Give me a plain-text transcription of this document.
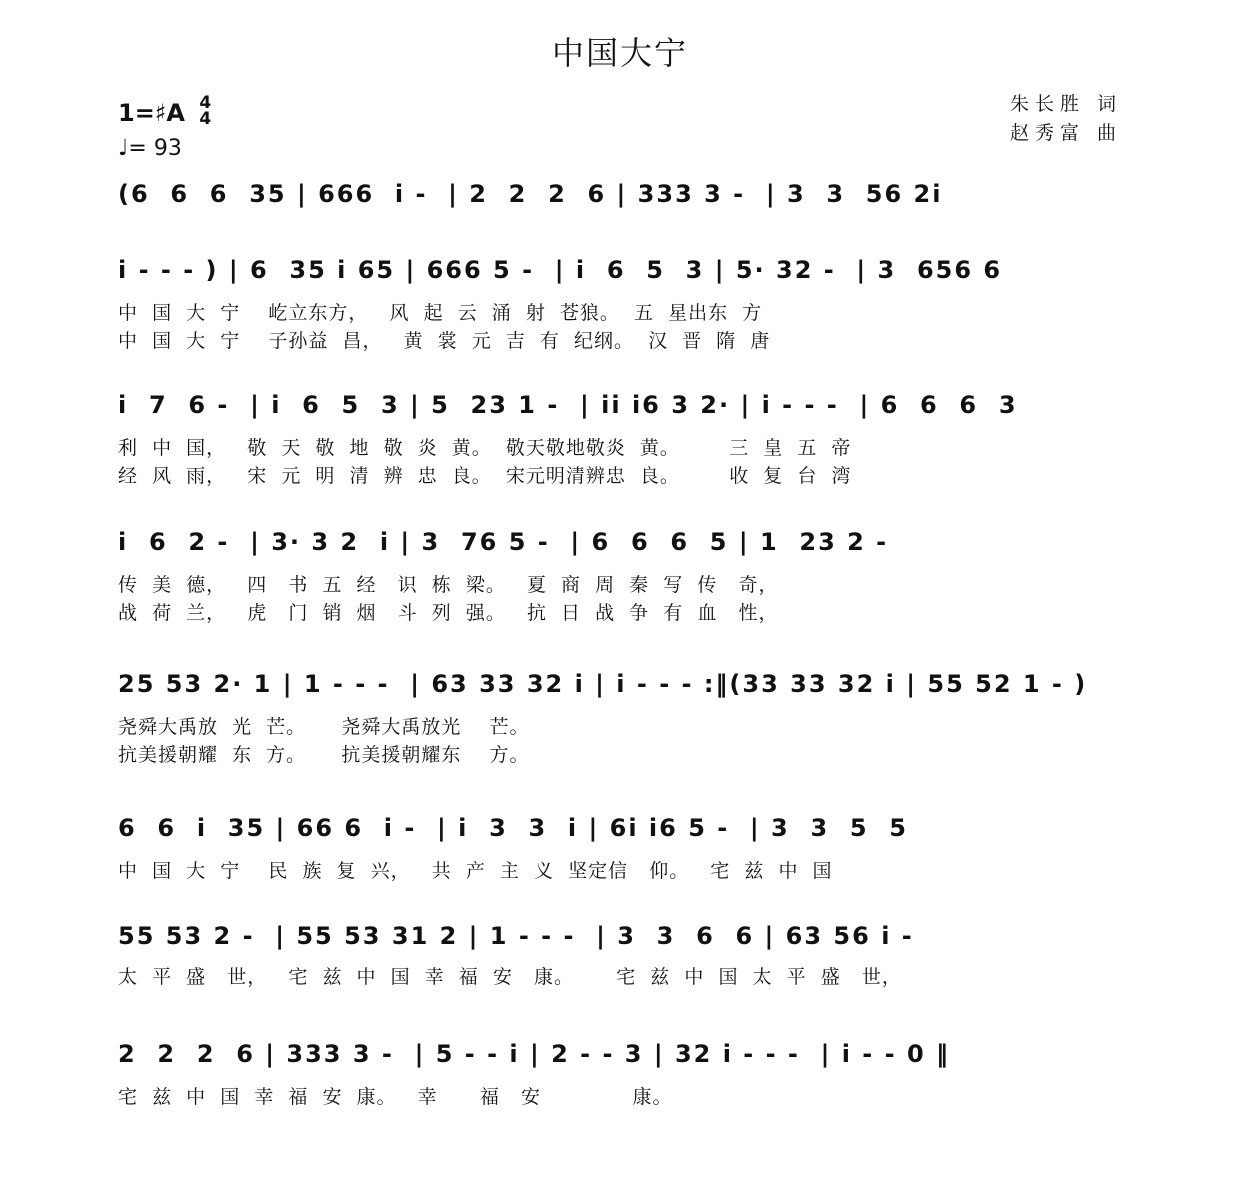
中国大宁
朱长胜 词
赵秀富 曲
1=♯A 4
4
♩= 93
(6  6  6  35 | 666  i -  | 2  2  2  6 | 333 3 -  | 3  3  56 2i
i - - - ) | 6  35 i 65 | 666 5 -  | i  6  5  3 | 5· 32 -  | 3  656 6
中  国  大  宁    屹立东方，   风  起  云  涌  射  苍狼。  五  星出东  方
中  国  大  宁    子孙益  昌，   黄  裳  元  吉  有  纪纲。  汉  晋  隋  唐
i  7  6 -  | i  6  5  3 | 5  23 1 -  | ii i6 3 2· | i - - -  | 6  6  6  3
利  中  国，   敬  天  敬  地  敬  炎  黄。  敬天敬地敬炎  黄。       三  皇  五  帝
经  风  雨，   宋  元  明  清  辨  忠  良。  宋元明清辨忠  良。       收  复  台  湾
i  6  2 -  | 3· 3 2  i | 3  76 5 -  | 6  6  6  5 | 1  23 2 -
传  美  德，   四   书  五  经   识  栋  梁。   夏  商  周  秦  写  传   奇，
战  荷  兰，   虎   门  销  烟   斗  列  强。   抗  日  战  争  有  血   性，
25 53 2· 1 | 1 - - -  | 63 33 32 i | i - - - :‖(33 33 32 i | 55 52 1 - )
尧舜大禹放  光  芒。     尧舜大禹放光    芒。
抗美援朝耀  东  方。     抗美援朝耀东    方。
6  6  i  35 | 66 6  i -  | i  3  3  i | 6i i6 5 -  | 3  3  5  5
中  国  大  宁    民  族  复  兴，   共  产  主  义  坚定信   仰。   宅  兹  中  国
55 53 2 -  | 55 53 31 2 | 1 - - -  | 3  3  6  6 | 63 56 i -
太  平  盛   世，   宅  兹  中  国  幸  福  安   康。      宅  兹  中  国  太  平  盛   世，
2  2  2  6 | 333 3 -  | 5 - - i | 2 - - 3 | 32 i - - -  | i - - 0 ‖
宅  兹  中  国  幸  福  安  康。   幸      福   安             康。
